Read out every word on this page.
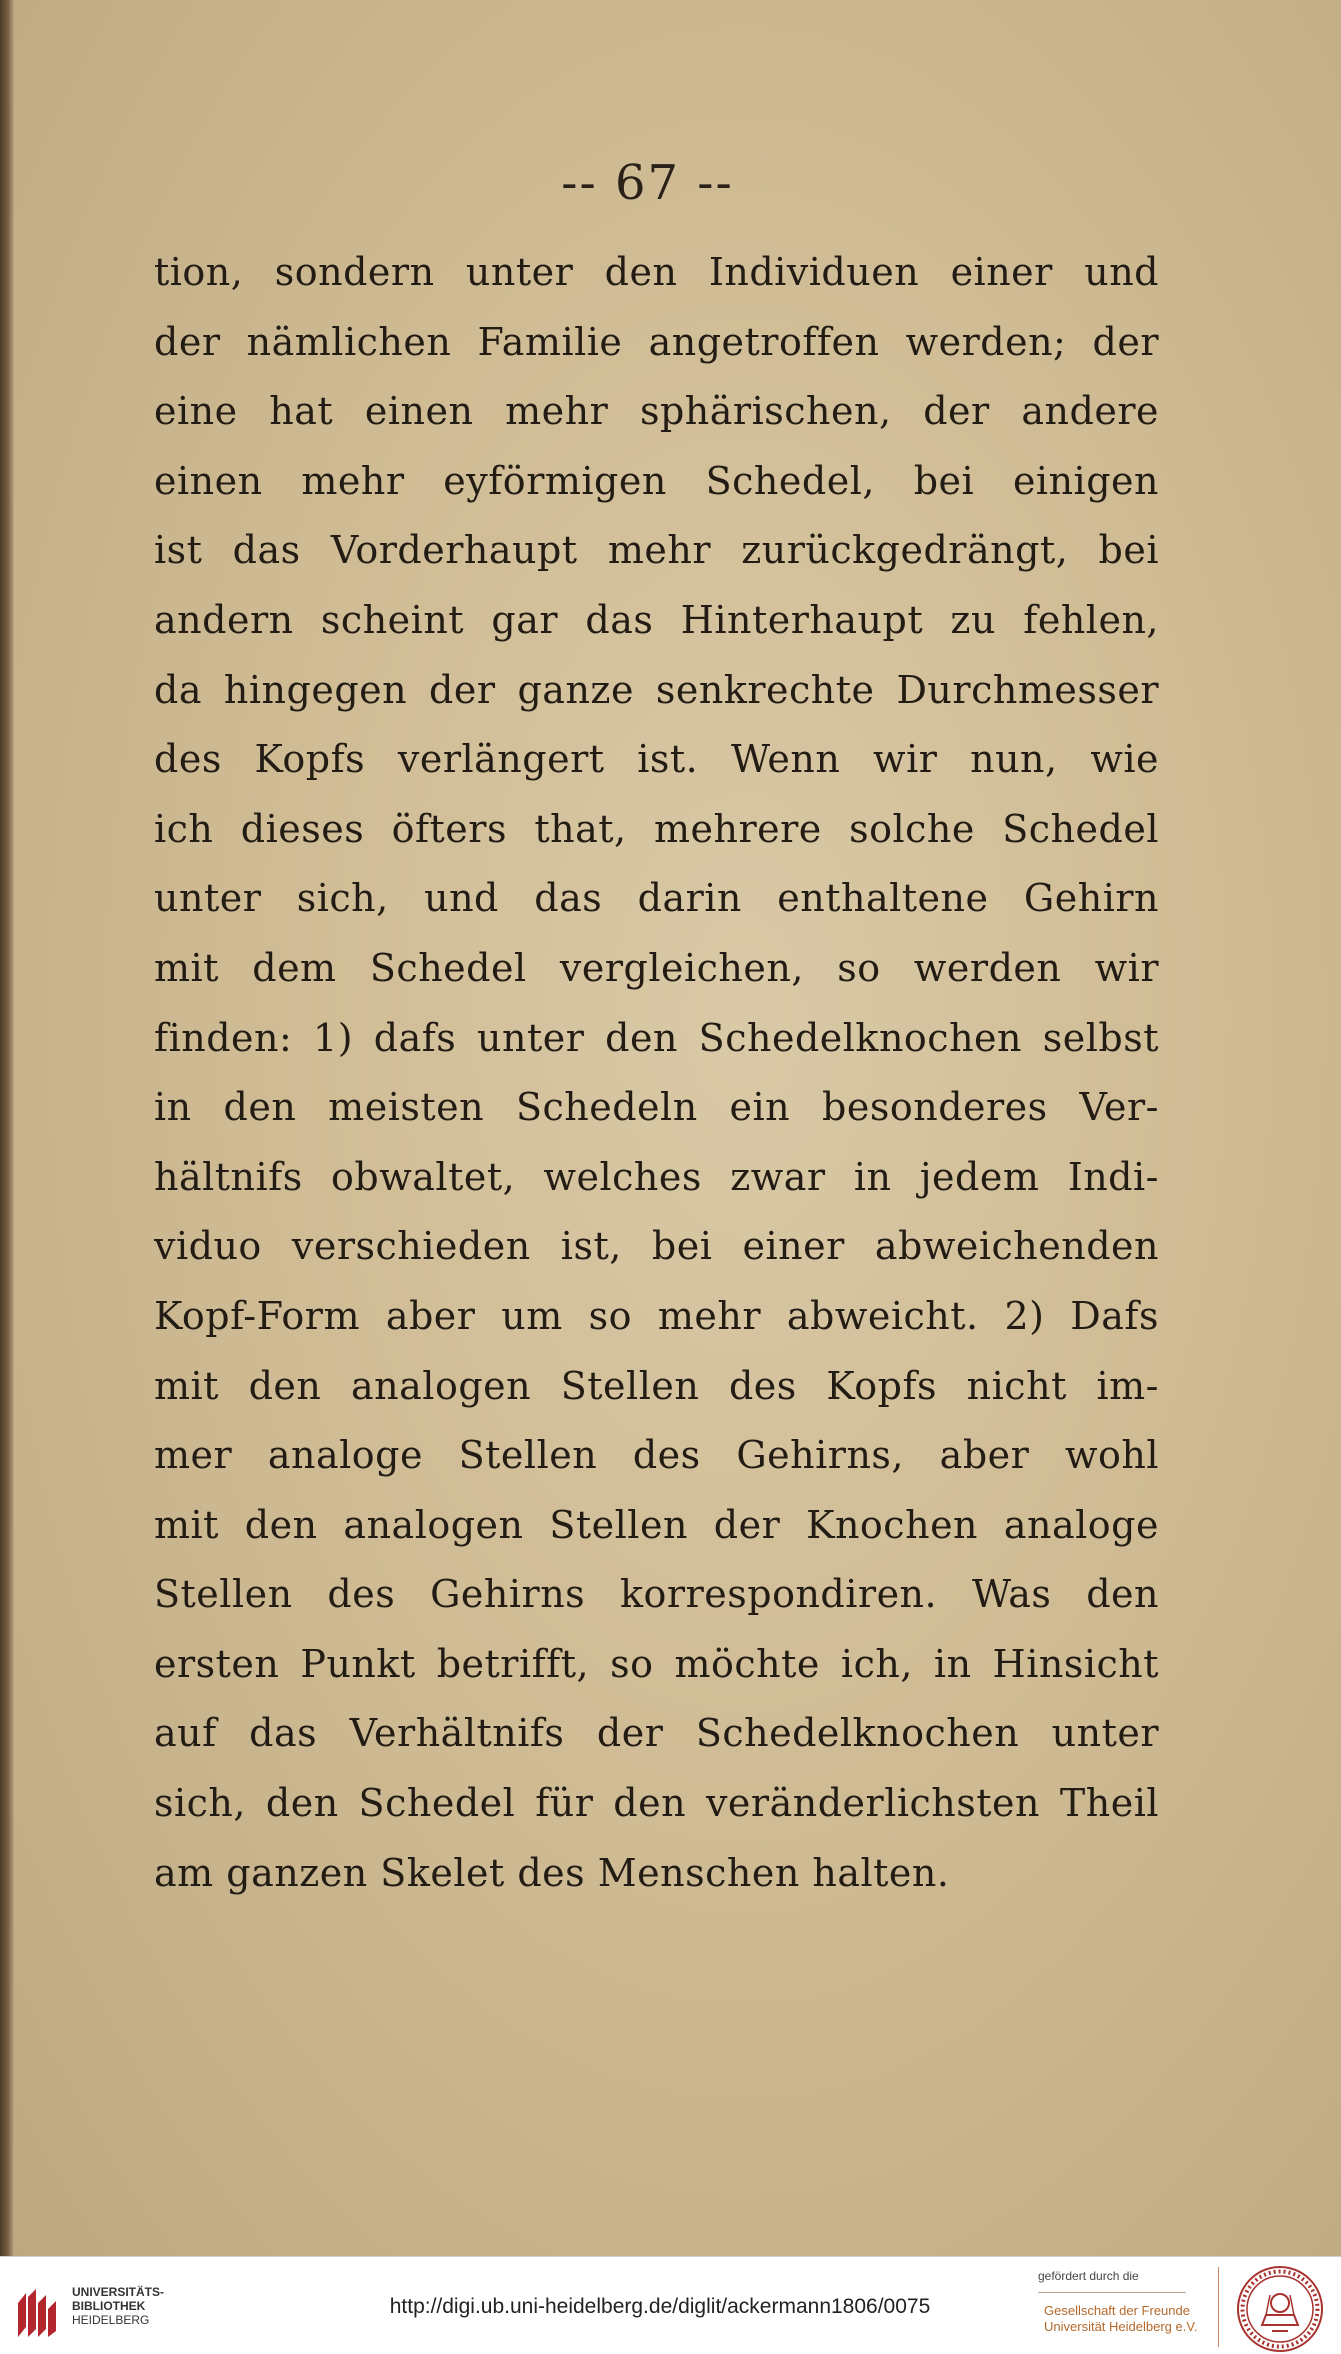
-- 67 --
tion, sondern unter den Individuen einer und
der nämlichen Familie angetroffen werden; der
eine hat einen mehr sphärischen, der andere
einen mehr eyförmigen Schedel, bei einigen
ist das Vorderhaupt mehr zurückgedrängt, bei
andern scheint gar das Hinterhaupt zu fehlen,
da hingegen der ganze senkrechte Durchmesser
des Kopfs verlängert ist. Wenn wir nun, wie
ich dieses öfters that, mehrere solche Schedel
unter sich, und das darin enthaltene Gehirn
mit dem Schedel vergleichen, so werden wir
finden: 1) dafs unter den Schedelknochen selbst
in den meisten Schedeln ein besonderes Ver-
hältnifs obwaltet, welches zwar in jedem Indi-
viduo verschieden ist, bei einer abweichenden
Kopf-Form aber um so mehr abweicht. 2) Dafs
mit den analogen Stellen des Kopfs nicht im-
mer analoge Stellen des Gehirns, aber wohl
mit den analogen Stellen der Knochen analoge
Stellen des Gehirns korrespondiren. Was den
ersten Punkt betrifft, so möchte ich, in Hinsicht
auf das Verhältnifs der Schedelknochen unter
sich, den Schedel für den veränderlichsten Theil
am ganzen Skelet des Menschen halten.
UNIVERSITÄTS-
BIBLIOTHEK
HEIDELBERG
http://digi.ub.uni-heidelberg.de/diglit/ackermann1806/0075
gefördert durch die
Gesellschaft der Freunde
Universität Heidelberg e.V.
